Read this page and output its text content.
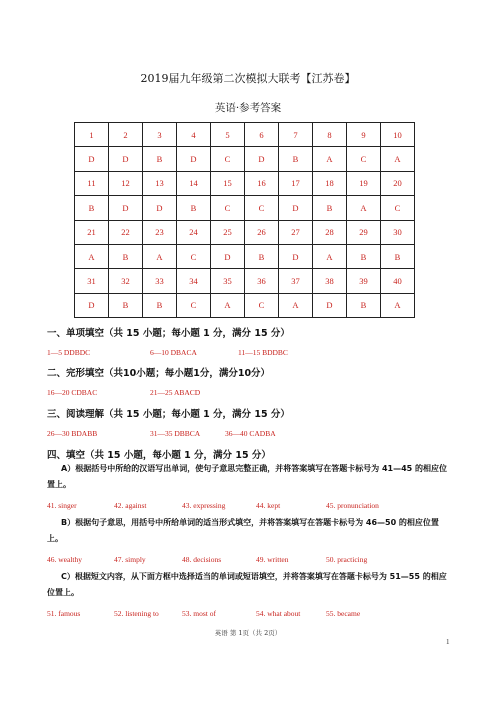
2019届九年级第二次模拟大联考【江苏卷】
英语·参考答案
1	2	3	4	5	6	7	8	9	10
D	D	B	D	C	D	B	A	C	A
11	12	13	14	15	16	17	18	19	20
B	D	D	B	C	C	D	B	A	C
21	22	23	24	25	26	27	28	29	30
A	B	A	C	D	B	D	A	B	B
31	32	33	34	35	36	37	38	39	40
D	B	B	C	A	C	A	D	B	A
一、单项填空（共 15 小题；每小题 1 分，满分 15 分）
1—5 DDBDC	6—10 DBACA	11—15 BDDBC
二、完形填空（共10小题；每小题1分，满分10分）
16—20 CDBAC	21—25 ABACD
三、阅读理解（共 15 小题；每小题 1 分，满分 15 分）
26—30 BDABB	31—35 DBBCA	36—40 CADBA
四、填空（共 15 小题，每小题 1 分，满分 15 分）
A）根据括号中所给的汉语写出单词，使句子意思完整正确，并将答案填写在答题卡标号为 41—45 的相应位置上。
41. singer	42. against	43. expressing	44. kept	45. pronunciation
B）根据句子意思，用括号中所给单词的适当形式填空，并将答案填写在答题卡标号为 46—50 的相应位置上。
46. wealthy	47. simply	48. decisions	49. written	50. practicing
C）根据短文内容，从下面方框中选择适当的单词或短语填空，并将答案填写在答题卡标号为 51—55 的相应位置上。
51. famous	52. listening to	53. most of	54. what about	55. became
英语 第 1页（共 2页）
1
